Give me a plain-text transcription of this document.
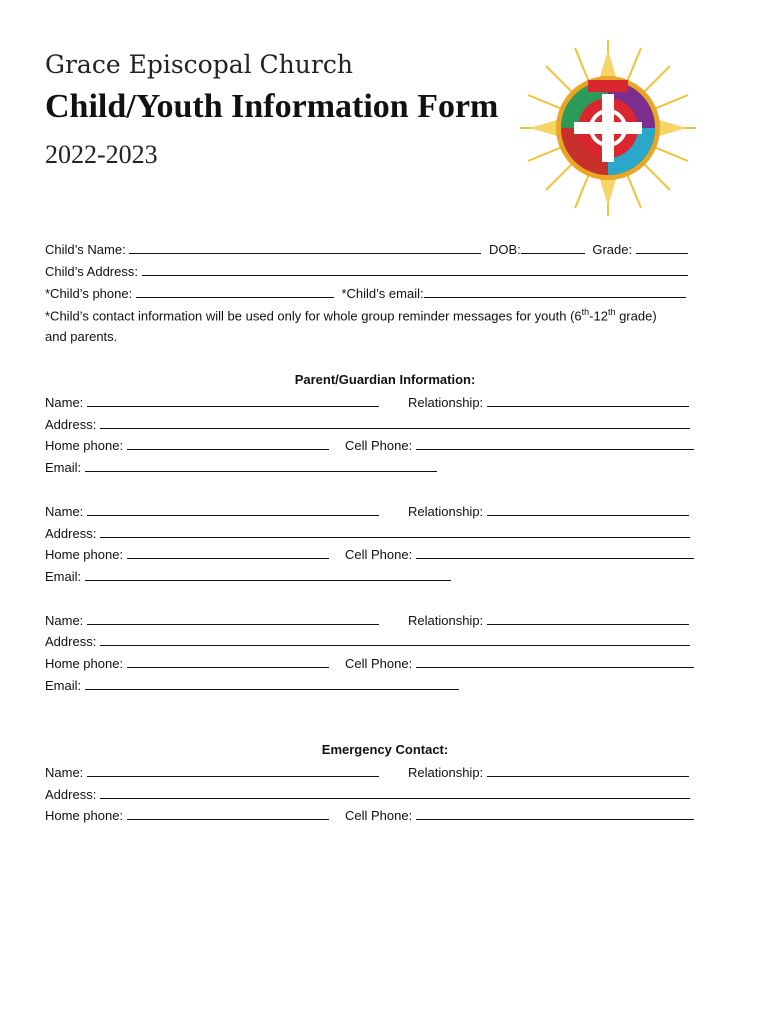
Grace Episcopal Church
Child/Youth Information Form
2022-2023
Child’s Name:	DOB:	Grade:
Child’s Address:
*Child’s phone:	*Child’s email:
*Child’s contact information will be used only for whole group reminder messages for youth (6th-12th grade)
and parents.
Parent/Guardian Information:
Name:	Relationship:
Address:
Home phone:	Cell Phone:
Email:
Name:	Relationship:
Address:
Home phone:	Cell Phone:
Email:
Name:	Relationship:
Address:
Home phone:	Cell Phone:
Email:
Emergency Contact:
Name:	Relationship:
Address:
Home phone:	Cell Phone:
